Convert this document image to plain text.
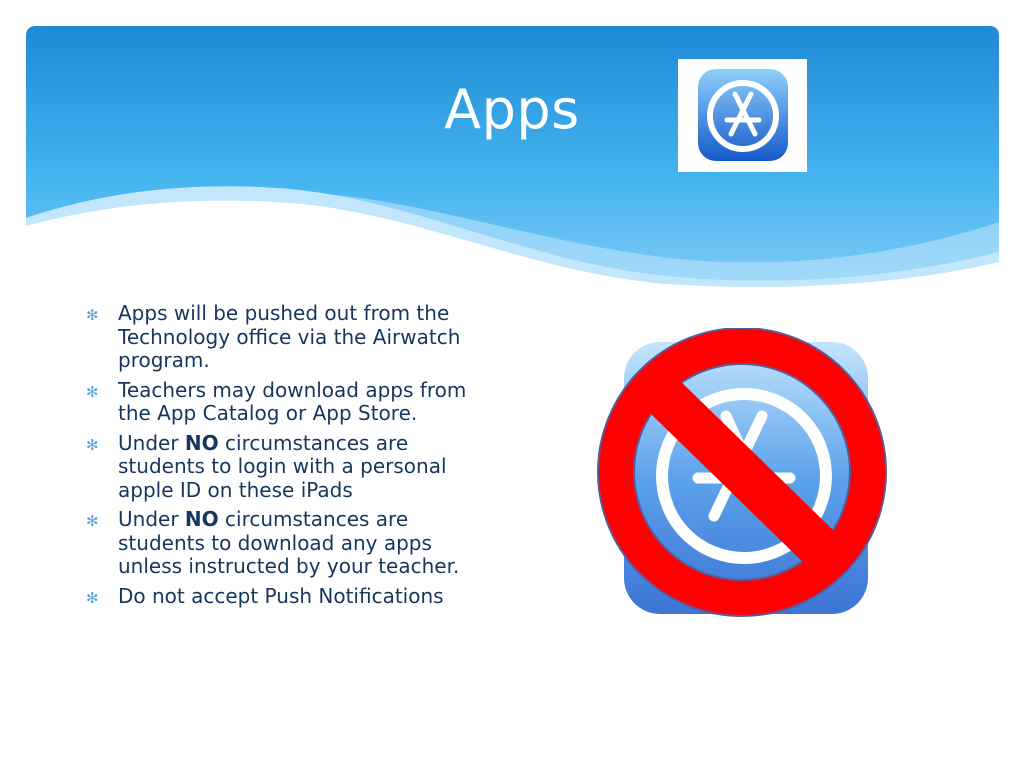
Apps
✻ Apps will be pushed out from the Technology office via the Airwatch program.
✻ Teachers may download apps from the App Catalog or App Store.
✻ Under NO circumstances are students to login with a personal apple ID on these iPads
✻ Under NO circumstances are students to download any apps unless instructed by your teacher.
✻ Do not accept Push Notifications
